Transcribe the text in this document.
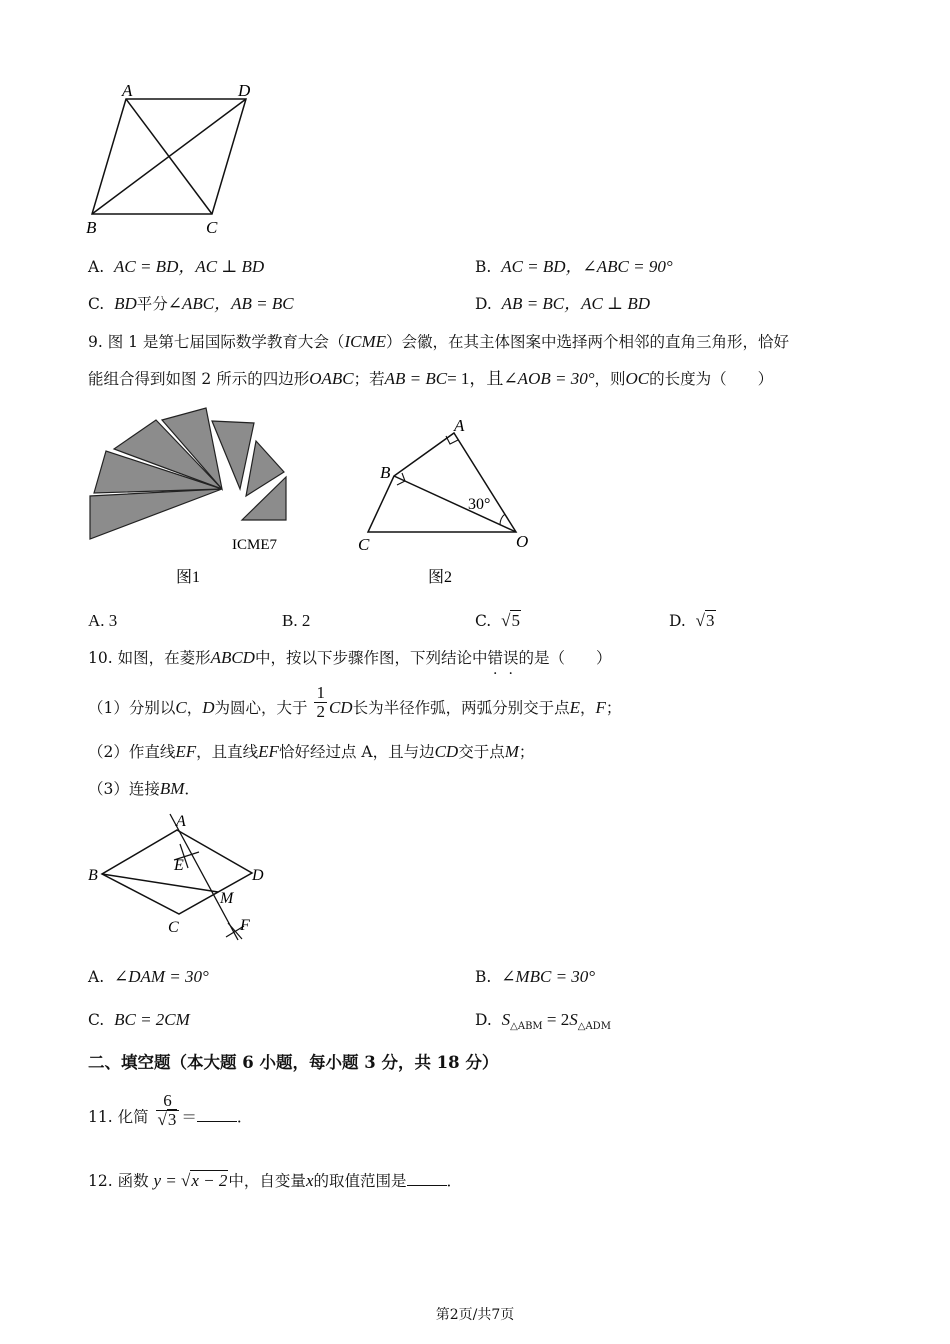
A	D
B	C
A. AC = BD，AC ⊥ BD	B. AC = BD，∠ABC = 90°
C. BD平分∠ABC，AB = BC	D. AB = BC，AC ⊥ BD
9. 图 1 是第七届国际数学教育大会（ICME）会徽，在其主体图案中选择两个相邻的直角三角形，恰好
能组合得到如图 2 所示的四边形OABC；若AB = BC= 1，且∠AOB = 30°，则OC的长度为（　　）
ICME7
图1
A
B
C	O
30°
图2
A. 3	B. 2	C. √5	D. √3
10. 如图，在菱形ABCD中，按以下步骤作图，下列结论中错误的是（　　）
（1）分别以C，D为圆心，大于 $\frac{1}{2}$ CD长为半径作弧，两弧分别交于点E，F；
（2）作直线EF，且直线EF恰好经过点 A，且与边CD交于点M；
（3）连接BM．
A
B
C
D
E
M
F
A. ∠DAM = 30°	B. ∠MBC = 30°
C. BC = 2CM	D. $S_{\triangle ABM} = 2S_{\triangle ADM}$
二、填空题（本大题 6 小题，每小题 3 分，共 18 分）
11. 化简 $\frac{6}{√3}$ ＝	．
12. 函数 y = √x − 2中，自变量x的取值范围是	．
第2页/共7页
